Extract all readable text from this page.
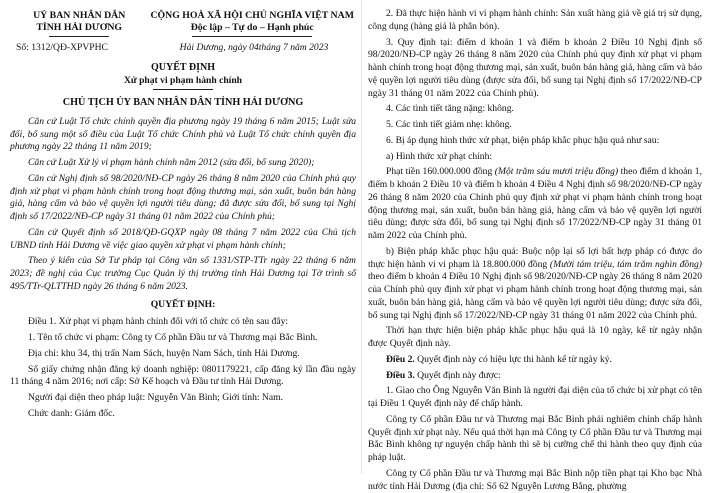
UỶ BAN NHÂN DÂN
TỈNH HẢI DƯƠNG
CỘNG HOÀ XÃ HỘI CHỦ NGHĨA VIỆT NAM
Độc lập – Tự do – Hạnh phúc
Số: 1312/QĐ-XPVPHC	Hải Dương, ngày 04tháng 7 năm 2023
QUYẾT ĐỊNH
Xử phạt vi phạm hành chính
CHỦ TỊCH ỦY BAN NHÂN DÂN TỈNH HẢI DƯƠNG

Căn cứ Luật Tổ chức chính quyền địa phương ngày 19 tháng 6 năm 2015; Luật sửa đổi, bổ sung một số điều của Luật Tổ chức Chính phủ và Luật Tổ chức chính quyền địa phương ngày 22 tháng 11 năm 2019;

Căn cứ Luật Xử lý vi phạm hành chính năm 2012 (sửa đổi, bổ sung 2020);

Căn cứ Nghị định số 98/2020/NĐ-CP ngày 26 tháng 8 năm 2020 của Chính phủ quy định xử phạt vi phạm hành chính trong hoạt động thương mại, sản xuất, buôn bán hàng giả, hàng cấm và bảo vệ quyền lợi người tiêu dùng; đã được sửa đổi, bổ sung tại Nghị định số 17/2022/NĐ-CP ngày 31 tháng 01 năm 2022 của Chính phủ;

Căn cứ Quyết định số 2018/QĐ-GQXP ngày 08 tháng 7 năm 2022 của Chủ tịch UBND tỉnh Hải Dương về việc giao quyền xử phạt vi phạm hành chính;

Theo ý kiến của Sở Tư pháp tại Công văn số 1331/STP-TTr ngày 22 tháng 6 năm 2023; đề nghị của Cục trưởng Cục Quản lý thị trường tỉnh Hải Dương tại Tờ trình số 495/TTr-QLTTHD ngày 26 tháng 6 năm 2023.

QUYẾT ĐỊNH:

Điều 1. Xử phạt vi phạm hành chính đối với tổ chức có tên sau đây:

1. Tên tổ chức vi phạm: Công ty Cổ phần Đầu tư và Thương mại Bắc Bình.

Địa chỉ: khu 34, thị trấn Nam Sách, huyện Nam Sách, tỉnh Hải Dương.

Số giấy chứng nhận đăng ký doanh nghiệp: 0801179221, cấp đăng ký lần đầu ngày 11 tháng 4 năm 2016; nơi cấp: Sở Kế hoạch và Đầu tư tỉnh Hải Dương.

Người đại diện theo pháp luật: Nguyễn Văn Bình; Giới tính: Nam.

Chức danh: Giám đốc.

2. Đã thực hiện hành vi vi phạm hành chính: Sản xuất hàng giả về giá trị sử dụng, công dụng (hàng giả là phân bón).

3. Quy định tại: điểm d khoản 1 và điểm b khoản 2 Điều 10 Nghị định số 98/2020/NĐ-CP ngày 26 tháng 8 năm 2020 của Chính phủ quy định xử phạt vi phạm hành chính trong hoạt động thương mại, sản xuất, buôn bán hàng giả, hàng cấm và bảo vệ quyền lợi người tiêu dùng (được sửa đổi, bổ sung tại Nghị định số 17/2022/NĐ-CP ngày 31 tháng 01 năm 2022 của Chính phủ).

4. Các tình tiết tăng nặng: không.

5. Các tình tiết giảm nhẹ: không.

6. Bị áp dụng hình thức xử phạt, biện pháp khắc phục hậu quả như sau:

a) Hình thức xử phạt chính:

Phạt tiền 160.000.000 đồng (Một trăm sáu mươi triệu đồng) theo điểm d khoản 1, điểm b khoản 2 Điều 10 và điểm b khoản 4 Điều 4 Nghị định số 98/2020/NĐ-CP ngày 26 tháng 8 năm 2020 của Chính phủ quy định xử phạt vi phạm hành chính trong hoạt động thương mại, sản xuất, buôn bán hàng giả, hàng cấm và bảo vệ quyền lợi người tiêu dùng; được sửa đổi, bổ sung tại Nghị định số 17/2022/NĐ-CP ngày 31 tháng 01 năm 2022 của Chính phủ.

b) Biện pháp khắc phục hậu quả: Buộc nộp lại số lợi bất hợp pháp có được do thực hiện hành vi vi phạm là 18.800.000 đồng (Mười tám triệu, tám trăm nghìn đồng) theo điểm b khoản 4 Điều 10 Nghị định số 98/2020/NĐ-CP ngày 26 tháng 8 năm 2020 của Chính phủ quy định xử phạt vi phạm hành chính trong hoạt động thương mại, sản xuất, buôn bán hàng giả, hàng cấm và bảo vệ quyền lợi người tiêu dùng; được sửa đổi, bổ sung tại Nghị định số 17/2022/NĐ-CP ngày 31 tháng 01 năm 2022 của Chính phủ.

Thời hạn thực hiện biện pháp khắc phục hậu quả là 10 ngày, kể từ ngày nhận được Quyết định này.

Điều 2. Quyết định này có hiệu lực thi hành kể từ ngày ký.

Điều 3. Quyết định này được:

1. Giao cho Ông Nguyễn Văn Bình là người đại diện của tổ chức bị xử phạt có tên tại Điều 1 Quyết định này để chấp hành.

Công ty Cổ phần Đầu tư và Thương mại Bắc Bình phải nghiêm chỉnh chấp hành Quyết định xử phạt này. Nếu quá thời hạn mà Công ty Cổ phần Đầu tư và Thương mại Bắc Bình không tự nguyện chấp hành thì sẽ bị cưỡng chế thi hành theo quy định của pháp luật.

Công ty Cổ phần Đầu tư và Thương mại Bắc Bình nộp tiền phạt tại Kho bạc Nhà nước tỉnh Hải Dương (địa chỉ: Số 62 Nguyễn Lương Bằng, phường
